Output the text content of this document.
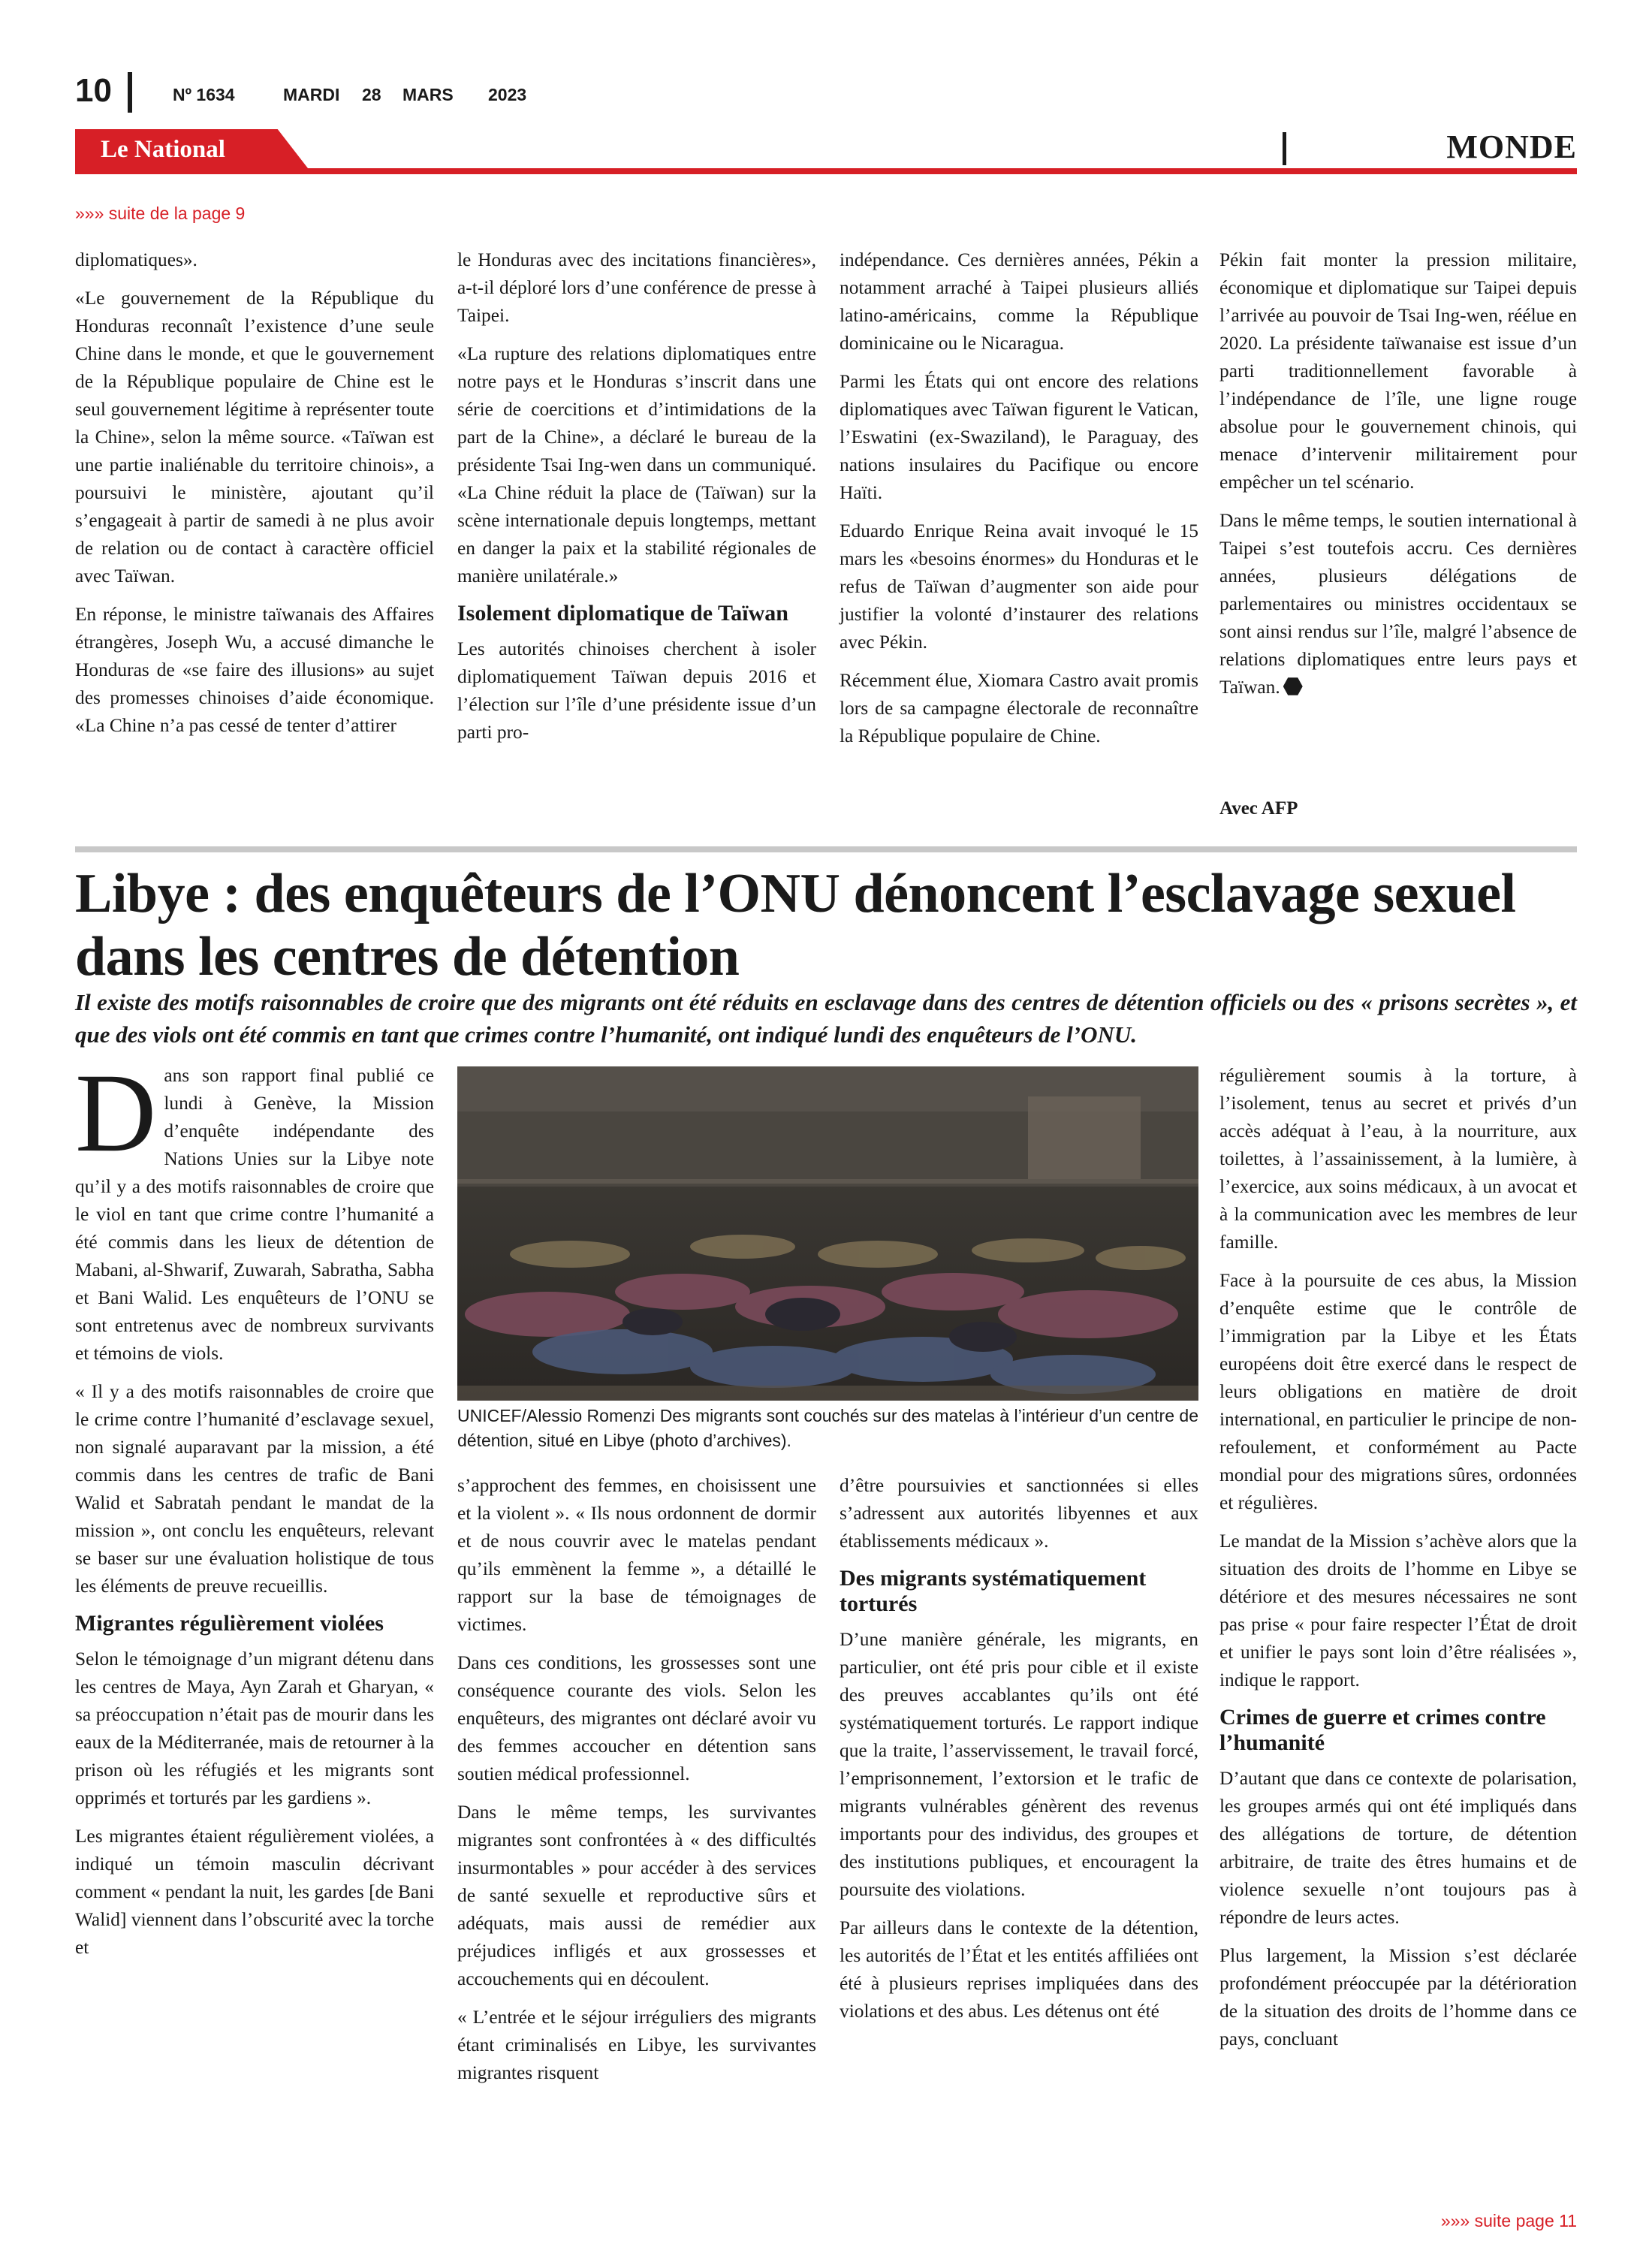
10	Nº 1634	MARDI 28 MARS 2023
Le National	MONDE
»»» suite de la page 9

diplomatiques».

«Le gouvernement de la République du Honduras reconnaît l’existence d’une seule Chine dans le monde, et que le gouvernement de la République populaire de Chine est le seul gouvernement légitime à représenter toute la Chine», selon la même source. «Taïwan est une partie inaliénable du territoire chinois», a poursuivi le ministère, ajoutant qu’il s’engageait à partir de samedi à ne plus avoir de relation ou de contact à caractère officiel avec Taïwan.

En réponse, le ministre taïwanais des Affaires étrangères, Joseph Wu, a accusé dimanche le Honduras de «se faire des illusions» au sujet des promesses chinoises d’aide économique. «La Chine n’a pas cessé de tenter d’attirer

le Honduras avec des incitations financières», a-t-il déploré lors d’une conférence de presse à Taipei.

«La rupture des relations diplomatiques entre notre pays et le Honduras s’inscrit dans une série de coercitions et d’intimidations de la part de la Chine», a déclaré le bureau de la présidente Tsai Ing-wen dans un communiqué. «La Chine réduit la place de (Taïwan) sur la scène internationale depuis longtemps, mettant en danger la paix et la stabilité régionales de manière unilatérale.»

Isolement diplomatique de Taïwan

Les autorités chinoises cherchent à isoler diplomatiquement Taïwan depuis 2016 et l’élection sur l’île d’une présidente issue d’un parti pro-

indépendance. Ces dernières années, Pékin a notamment arraché à Taipei plusieurs alliés latino-américains, comme la République dominicaine ou le Nicaragua.

Parmi les États qui ont encore des relations diplomatiques avec Taïwan figurent le Vatican, l’Eswatini (ex-Swaziland), le Paraguay, des nations insulaires du Pacifique ou encore Haïti.

Eduardo Enrique Reina avait invoqué le 15 mars les «besoins énormes» du Honduras et le refus de Taïwan d’augmenter son aide pour justifier la volonté d’instaurer des relations avec Pékin.

Récemment élue, Xiomara Castro avait promis lors de sa campagne électorale de reconnaître la République populaire de Chine.

Pékin fait monter la pression militaire, économique et diplomatique sur Taipei depuis l’arrivée au pouvoir de Tsai Ing-wen, réélue en 2020. La présidente taïwanaise est issue d’un parti traditionnellement favorable à l’indépendance de l’île, une ligne rouge absolue pour le gouvernement chinois, qui menace d’intervenir militairement pour empêcher un tel scénario.

Dans le même temps, le soutien international à Taipei s’est toutefois accru. Ces dernières années, plusieurs délégations de parlementaires ou ministres occidentaux se sont ainsi rendus sur l’île, malgré l’absence de relations diplomatiques entre leurs pays et Taïwan.

Avec AFP
Libye : des enquêteurs de l’ONU dénoncent l’esclavage sexuel dans les centres de détention
Il existe des motifs raisonnables de croire que des migrants ont été réduits en esclavage dans des centres de détention officiels ou des « prisons secrètes », et que des viols ont été commis en tant que crimes contre l’humanité, ont indiqué lundi des enquêteurs de l’ONU.
UNICEF/Alessio Romenzi Des migrants sont couchés sur des matelas à l’intérieur d’un centre de détention, situé en Libye (photo d’archives).

Dans son rapport final publié ce lundi à Genève, la Mission d’enquête indépendante des Nations Unies sur la Libye note qu’il y a des motifs raisonnables de croire que le viol en tant que crime contre l’humanité a été commis dans les lieux de détention de Mabani, al-Shwarif, Zuwarah, Sabratha, Sabha et Bani Walid. Les enquêteurs de l’ONU se sont entretenus avec de nombreux survivants et témoins de viols.

« Il y a des motifs raisonnables de croire que le crime contre l’humanité d’esclavage sexuel, non signalé auparavant par la mission, a été commis dans les centres de trafic de Bani Walid et Sabratah pendant le mandat de la mission », ont conclu les enquêteurs, relevant se baser sur une évaluation holistique de tous les éléments de preuve recueillis.

Migrantes régulièrement violées

Selon le témoignage d’un migrant détenu dans les centres de Maya, Ayn Zarah et Gharyan, « sa préoccupation n’était pas de mourir dans les eaux de la Méditerranée, mais de retourner à la prison où les réfugiés et les migrants sont opprimés et torturés par les gardiens ».

Les migrantes étaient régulièrement violées, a indiqué un témoin masculin décrivant comment « pendant la nuit, les gardes [de Bani Walid] viennent dans l’obscurité avec la torche et

s’approchent des femmes, en choisissent une et la violent ». « Ils nous ordonnent de dormir et de nous couvrir avec le matelas pendant qu’ils emmènent la femme », a détaillé le rapport sur la base de témoignages de victimes.

Dans ces conditions, les grossesses sont une conséquence courante des viols. Selon les enquêteurs, des migrantes ont déclaré avoir vu des femmes accoucher en détention sans soutien médical professionnel.

Dans le même temps, les survivantes migrantes sont confrontées à « des difficultés insurmontables » pour accéder à des services de santé sexuelle et reproductive sûrs et adéquats, mais aussi de remédier aux préjudices infligés et aux grossesses et accouchements qui en découlent.

« L’entrée et le séjour irréguliers des migrants étant criminalisés en Libye, les survivantes migrantes risquent

d’être poursuivies et sanctionnées si elles s’adressent aux autorités libyennes et aux établissements médicaux ».

Des migrants systématiquement torturés

D’une manière générale, les migrants, en particulier, ont été pris pour cible et il existe des preuves accablantes qu’ils ont été systématiquement torturés. Le rapport indique que la traite, l’asservissement, le travail forcé, l’emprisonnement, l’extorsion et le trafic de migrants vulnérables génèrent des revenus importants pour des individus, des groupes et des institutions publiques, et encouragent la poursuite des violations.

Par ailleurs dans le contexte de la détention, les autorités de l’État et les entités affiliées ont été à plusieurs reprises impliquées dans des violations et des abus. Les détenus ont été

régulièrement soumis à la torture, à l’isolement, tenus au secret et privés d’un accès adéquat à l’eau, à la nourriture, aux toilettes, à l’assainissement, à la lumière, à l’exercice, aux soins médicaux, à un avocat et à la communication avec les membres de leur famille.

Face à la poursuite de ces abus, la Mission d’enquête estime que le contrôle de l’immigration par la Libye et les États européens doit être exercé dans le respect de leurs obligations en matière de droit international, en particulier le principe de non-refoulement, et conformément au Pacte mondial pour des migrations sûres, ordonnées et régulières.

Le mandat de la Mission s’achève alors que la situation des droits de l’homme en Libye se détériore et des mesures nécessaires ne sont pas prise « pour faire respecter l’État de droit et unifier le pays sont loin d’être réalisées », indique le rapport.

Crimes de guerre et crimes contre l’humanité

D’autant que dans ce contexte de polarisation, les groupes armés qui ont été impliqués dans des allégations de torture, de détention arbitraire, de traite des êtres humains et de violence sexuelle n’ont toujours pas à répondre de leurs actes.

Plus largement, la Mission s’est déclarée profondément préoccupée par la détérioration de la situation des droits de l’homme dans ce pays, concluant

»»» suite page 11
